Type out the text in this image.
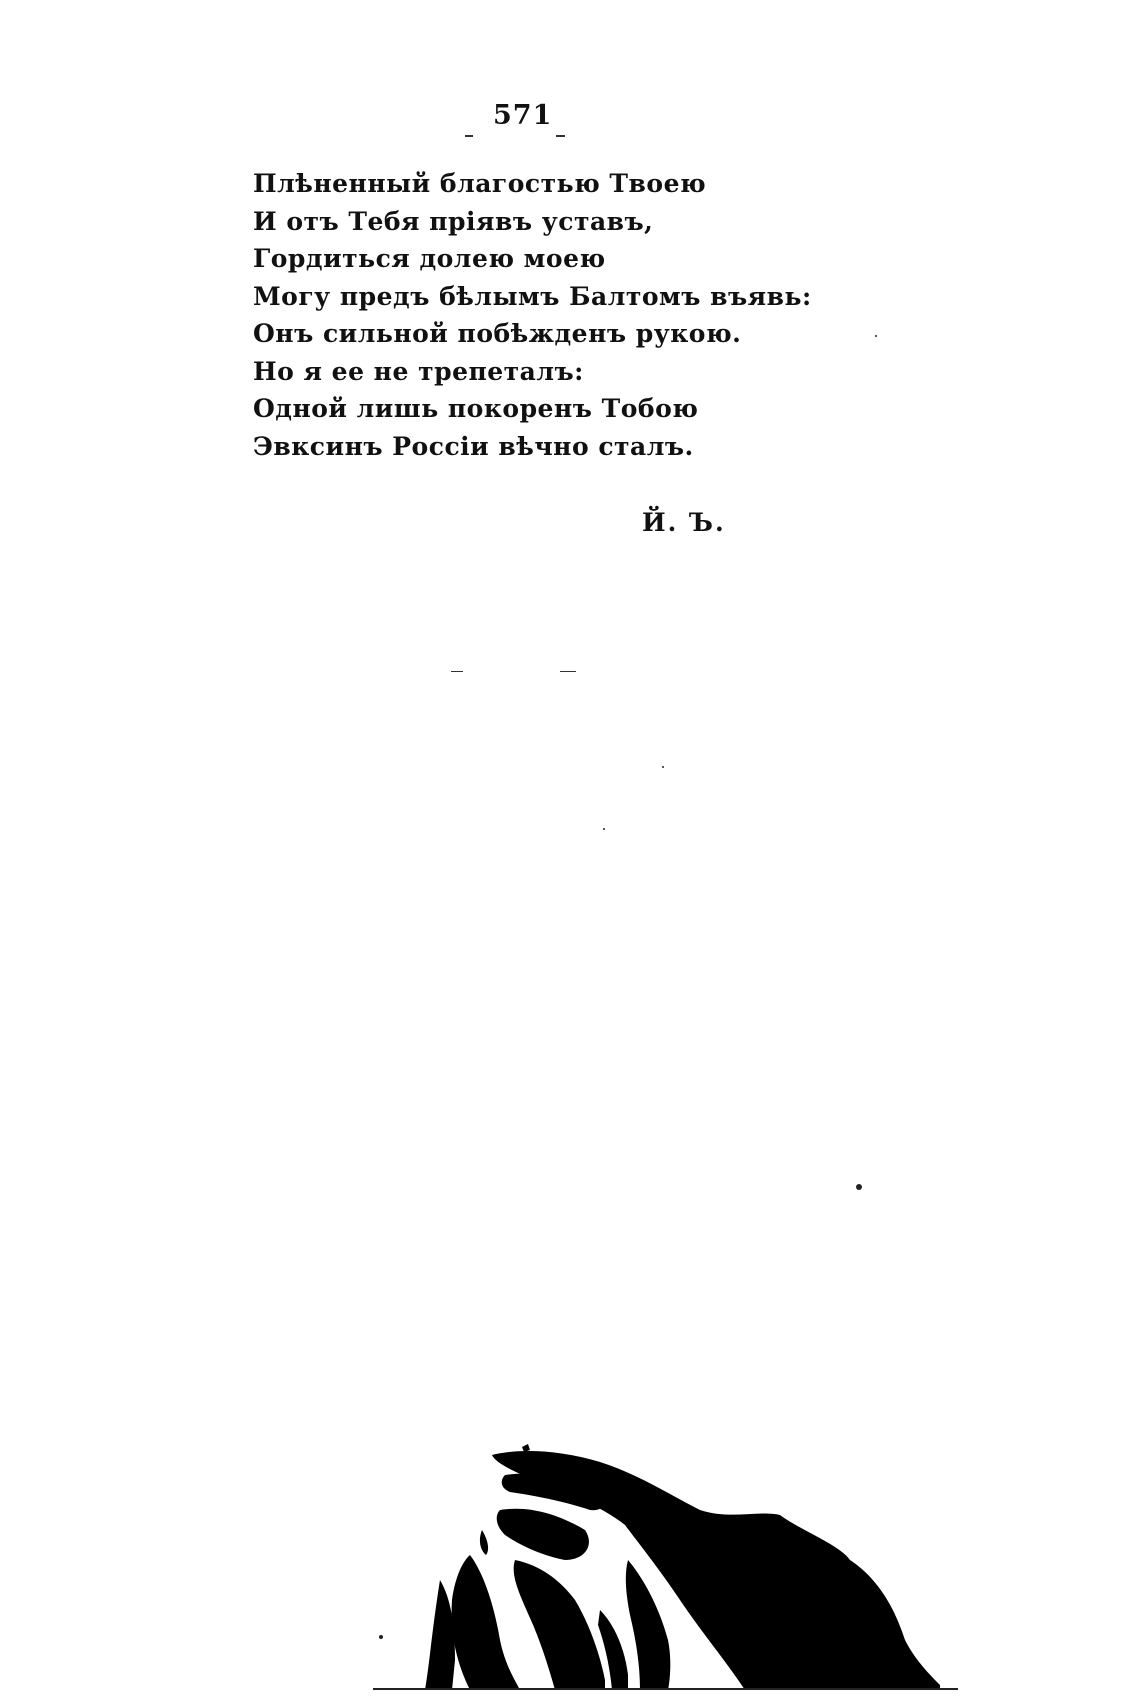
571
Плѣненный благостью Твоею
И отъ Тебя пріявъ уставъ,
Гордиться долею моею
Могу предъ бѣлымъ Балтомъ въявь:
Онъ сильной побѣжденъ рукою.
Но я ее не трепеталъ:
Одной лишь покоренъ Тобою
Эвксинъ Россіи вѣчно сталъ.
Й. Ъ.
